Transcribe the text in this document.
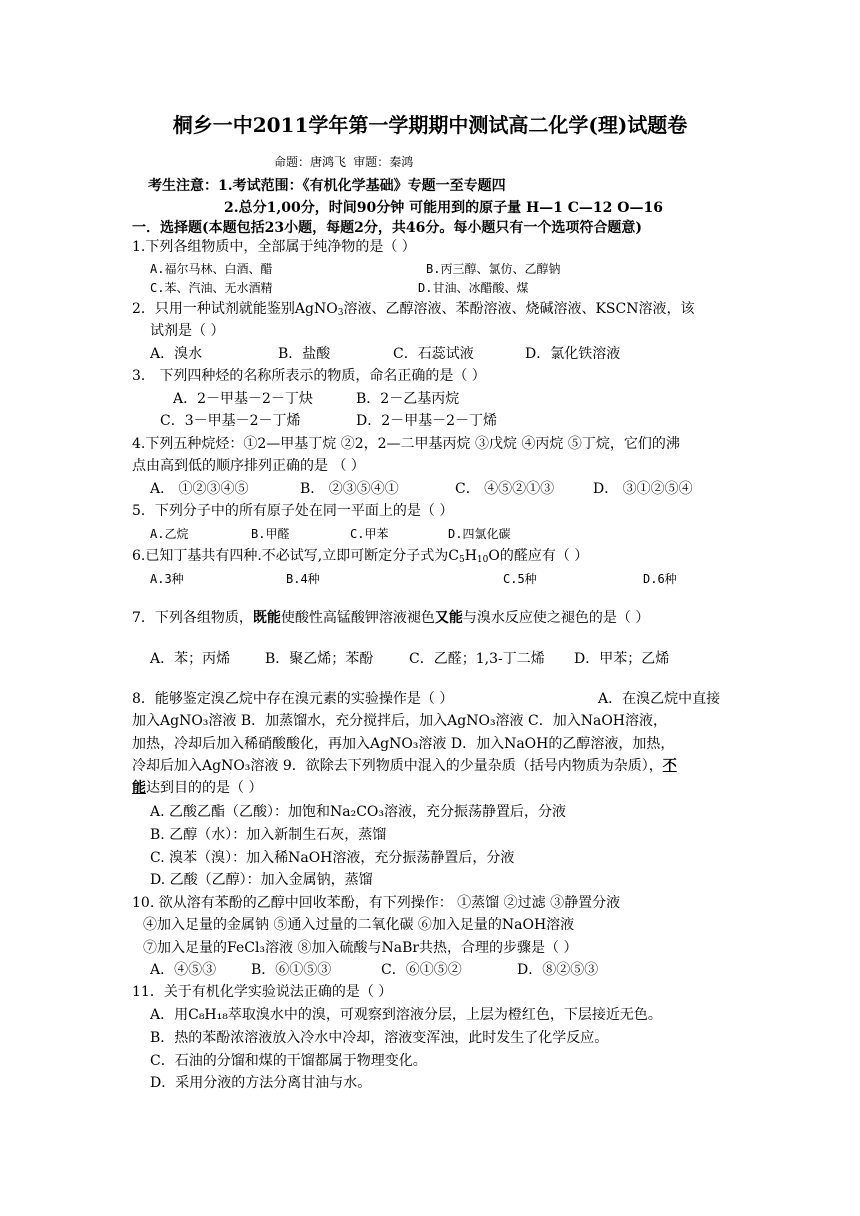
桐乡一中2011学年第一学期期中测试高二化学(理)试题卷
命题：唐鸿飞 审题：秦鸿
考生注意：1.考试范围：《有机化学基础》专题一至专题四
2.总分1,00分，时间90分钟 可能用到的原子量 H—1 C—12 O—16
一．选择题(本题包括23小题，每题2分，共46分。每小题只有一个选项符合题意)
1.下列各组物质中，全部属于纯净物的是（ ）
A.福尔马林、白酒、醋	B.丙三醇、氯仿、乙醇钠
C.苯、汽油、无水酒精	D.甘油、冰醋酸、煤
2．只用一种试剂就能鉴别AgNO$_3$溶液、乙醇溶液、苯酚溶液、烧碱溶液、KSCN溶液，该
试剂是（ ）
A．溴水	B．盐酸	C．石蕊试液	D．氯化铁溶液
3． 下列四种烃的名称所表示的物质，命名正确的是（ ）
A．2－甲基－2－丁炔	B．2－乙基丙烷
C．3－甲基－2－丁烯	D．2－甲基－2－丁烯
4.下列五种烷烃：①2—甲基丁烷 ②2，2—二甲基丙烷 ③戊烷 ④丙烷 ⑤丁烷，它们的沸
点由高到低的顺序排列正确的是 （ ）
A． ①②③④⑤	B． ②③⑤④①	C． ④⑤②①③	D． ③①②⑤④
5．下列分子中的所有原子处在同一平面上的是（ ）
A.乙烷	B.甲醛	C.甲苯	D.四氯化碳
6.已知丁基共有四种.不必试写,立即可断定分子式为$C_5H_{10}O$的醛应有（ ）
A.3种	B.4种	C.5种	D.6种
7．下列各组物质，既能使酸性高锰酸钾溶液褪色又能与溴水反应使之褪色的是（ ）
A．苯；丙烯 B．聚乙烯；苯酚	C．乙醛；1,3-丁二烯 D．甲苯；乙烯
8．能够鉴定溴乙烷中存在溴元素的实验操作是（ ）	A．在溴乙烷中直接
加入AgNO₃溶液 B．加蒸馏水，充分搅拌后，加入AgNO₃溶液 C．加入NaOH溶液，
加热，冷却后加入稀硝酸酸化，再加入AgNO₃溶液 D．加入NaOH的乙醇溶液，加热，
冷却后加入AgNO₃溶液 9．欲除去下列物质中混入的少量杂质（括号内物质为杂质），不
能达到目的的是（ ）
A. 乙酸乙酯（乙酸）：加饱和Na₂CO₃溶液，充分振荡静置后，分液
B. 乙醇（水）：加入新制生石灰，蒸馏
C. 溴苯（溴）：加入稀NaOH溶液，充分振荡静置后，分液
D. 乙酸（乙醇）：加入金属钠，蒸馏
10. 欲从溶有苯酚的乙醇中回收苯酚，有下列操作： ①蒸馏 ②过滤 ③静置分液
④加入足量的金属钠 ⑤通入过量的二氧化碳 ⑥加入足量的NaOH溶液
⑦加入足量的FeCl₃溶液 ⑧加入硫酸与NaBr共热，合理的步骤是（ ）
A．④⑤③ B．⑥①⑤③	C．⑥①⑤②	D．⑧②⑤③
11．关于有机化学实验说法正确的是（ ）
A．用C₈H₁₈萃取溴水中的溴，可观察到溶液分层，上层为橙红色，下层接近无色。
B．热的苯酚浓溶液放入冷水中冷却，溶液变浑浊，此时发生了化学反应。
C．石油的分馏和煤的干馏都属于物理变化。
D．采用分液的方法分离甘油与水。
